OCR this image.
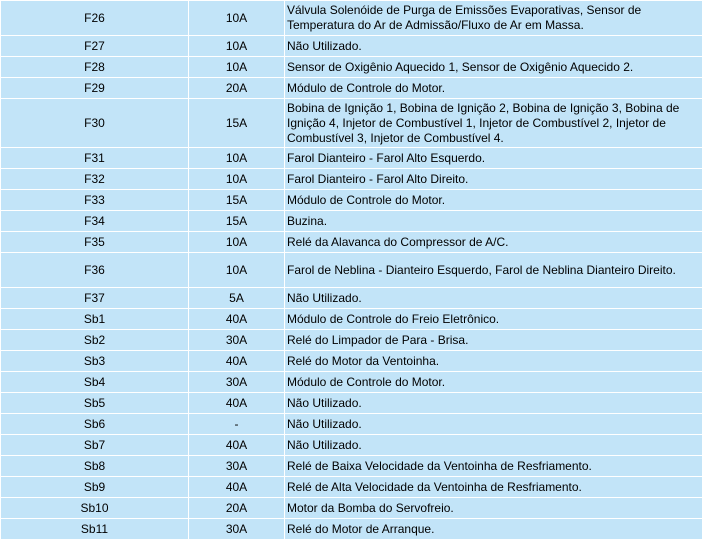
F26	10A	Válvula Solenóide de Purga de Emissões Evaporativas, Sensor de Temperatura do Ar de Admissão/Fluxo de Ar em Massa.
F27	10A	Não Utilizado.
F28	10A	Sensor de Oxigênio Aquecido 1, Sensor de Oxigênio Aquecido 2.
F29	20A	Módulo de Controle do Motor.
F30	15A	Bobina de Ignição 1, Bobina de Ignição 2, Bobina de Ignição 3, Bobina de Ignição 4, Injetor de Combustível 1, Injetor de Combustível 2, Injetor de Combustível 3, Injetor de Combustível 4.
F31	10A	Farol Dianteiro - Farol Alto Esquerdo.
F32	10A	Farol Dianteiro - Farol Alto Direito.
F33	15A	Módulo de Controle do Motor.
F34	15A	Buzina.
F35	10A	Relé da Alavanca do Compressor de A/C.
F36	10A	Farol de Neblina - Dianteiro Esquerdo, Farol de Neblina Dianteiro Direito.
F37	5A	Não Utilizado.
Sb1	40A	Módulo de Controle do Freio Eletrônico.
Sb2	30A	Relé do Limpador de Para - Brisa.
Sb3	40A	Relé do Motor da Ventoinha.
Sb4	30A	Módulo de Controle do Motor.
Sb5	40A	Não Utilizado.
Sb6	-	Não Utilizado.
Sb7	40A	Não Utilizado.
Sb8	30A	Relé de Baixa Velocidade da Ventoinha de Resfriamento.
Sb9	40A	Relé de Alta Velocidade da Ventoinha de Resfriamento.
Sb10	20A	Motor da Bomba do Servofreio.
Sb11	30A	Relé do Motor de Arranque.
